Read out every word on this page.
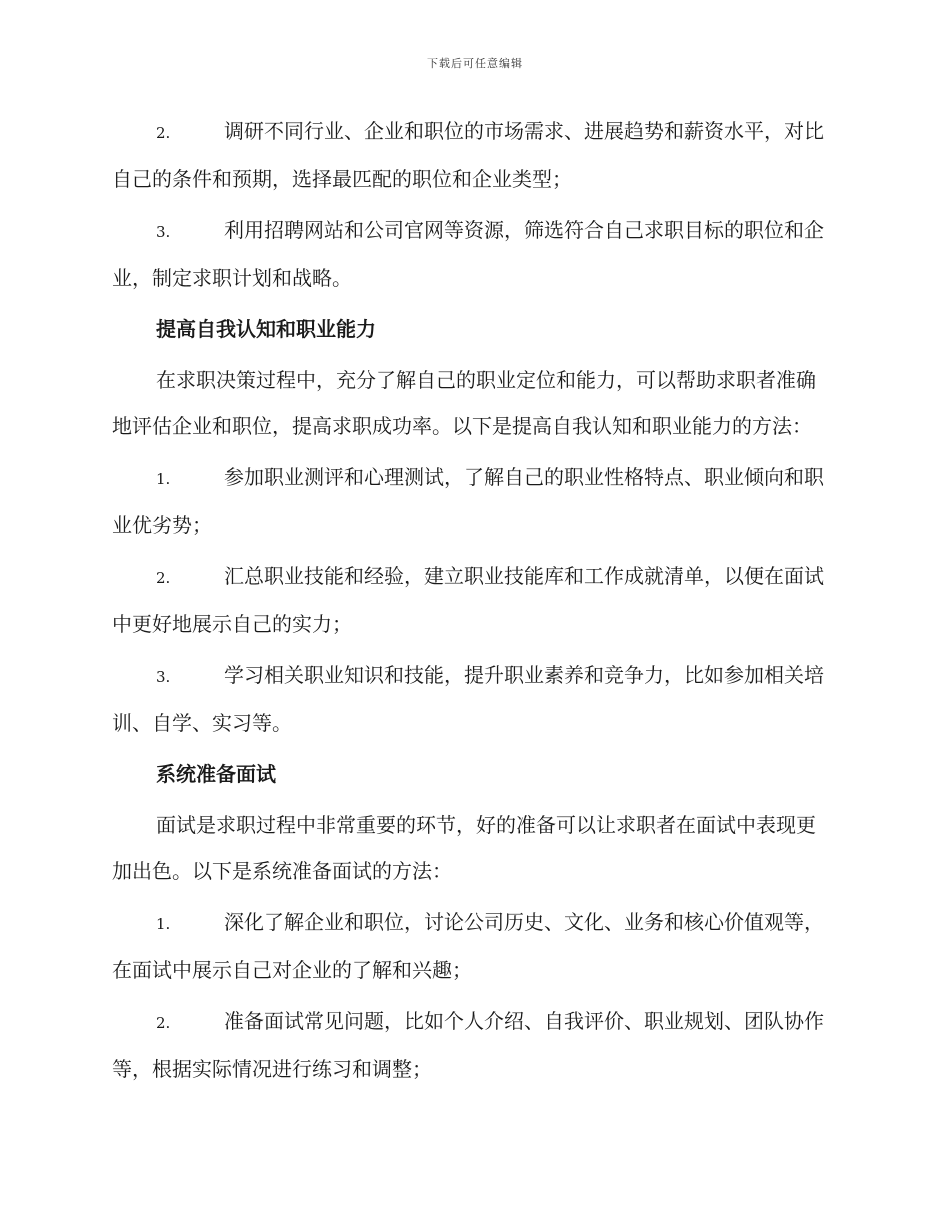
下载后可任意编辑

2.	调研不同行业、企业和职位的市场需求、进展趋势和薪资水平，对比自己的条件和预期，选择最匹配的职位和企业类型；

3.	利用招聘网站和公司官网等资源，筛选符合自己求职目标的职位和企业，制定求职计划和战略。

提高自我认知和职业能力

在求职决策过程中，充分了解自己的职业定位和能力，可以帮助求职者准确地评估企业和职位，提高求职成功率。以下是提高自我认知和职业能力的方法：

1.	参加职业测评和心理测试，了解自己的职业性格特点、职业倾向和职业优劣势；

2.	汇总职业技能和经验，建立职业技能库和工作成就清单，以便在面试中更好地展示自己的实力；

3.	学习相关职业知识和技能，提升职业素养和竞争力，比如参加相关培训、自学、实习等。

系统准备面试

面试是求职过程中非常重要的环节，好的准备可以让求职者在面试中表现更加出色。以下是系统准备面试的方法：

1.	深化了解企业和职位，讨论公司历史、文化、业务和核心价值观等，在面试中展示自己对企业的了解和兴趣；

2.	准备面试常见问题，比如个人介绍、自我评价、职业规划、团队协作等，根据实际情况进行练习和调整；
